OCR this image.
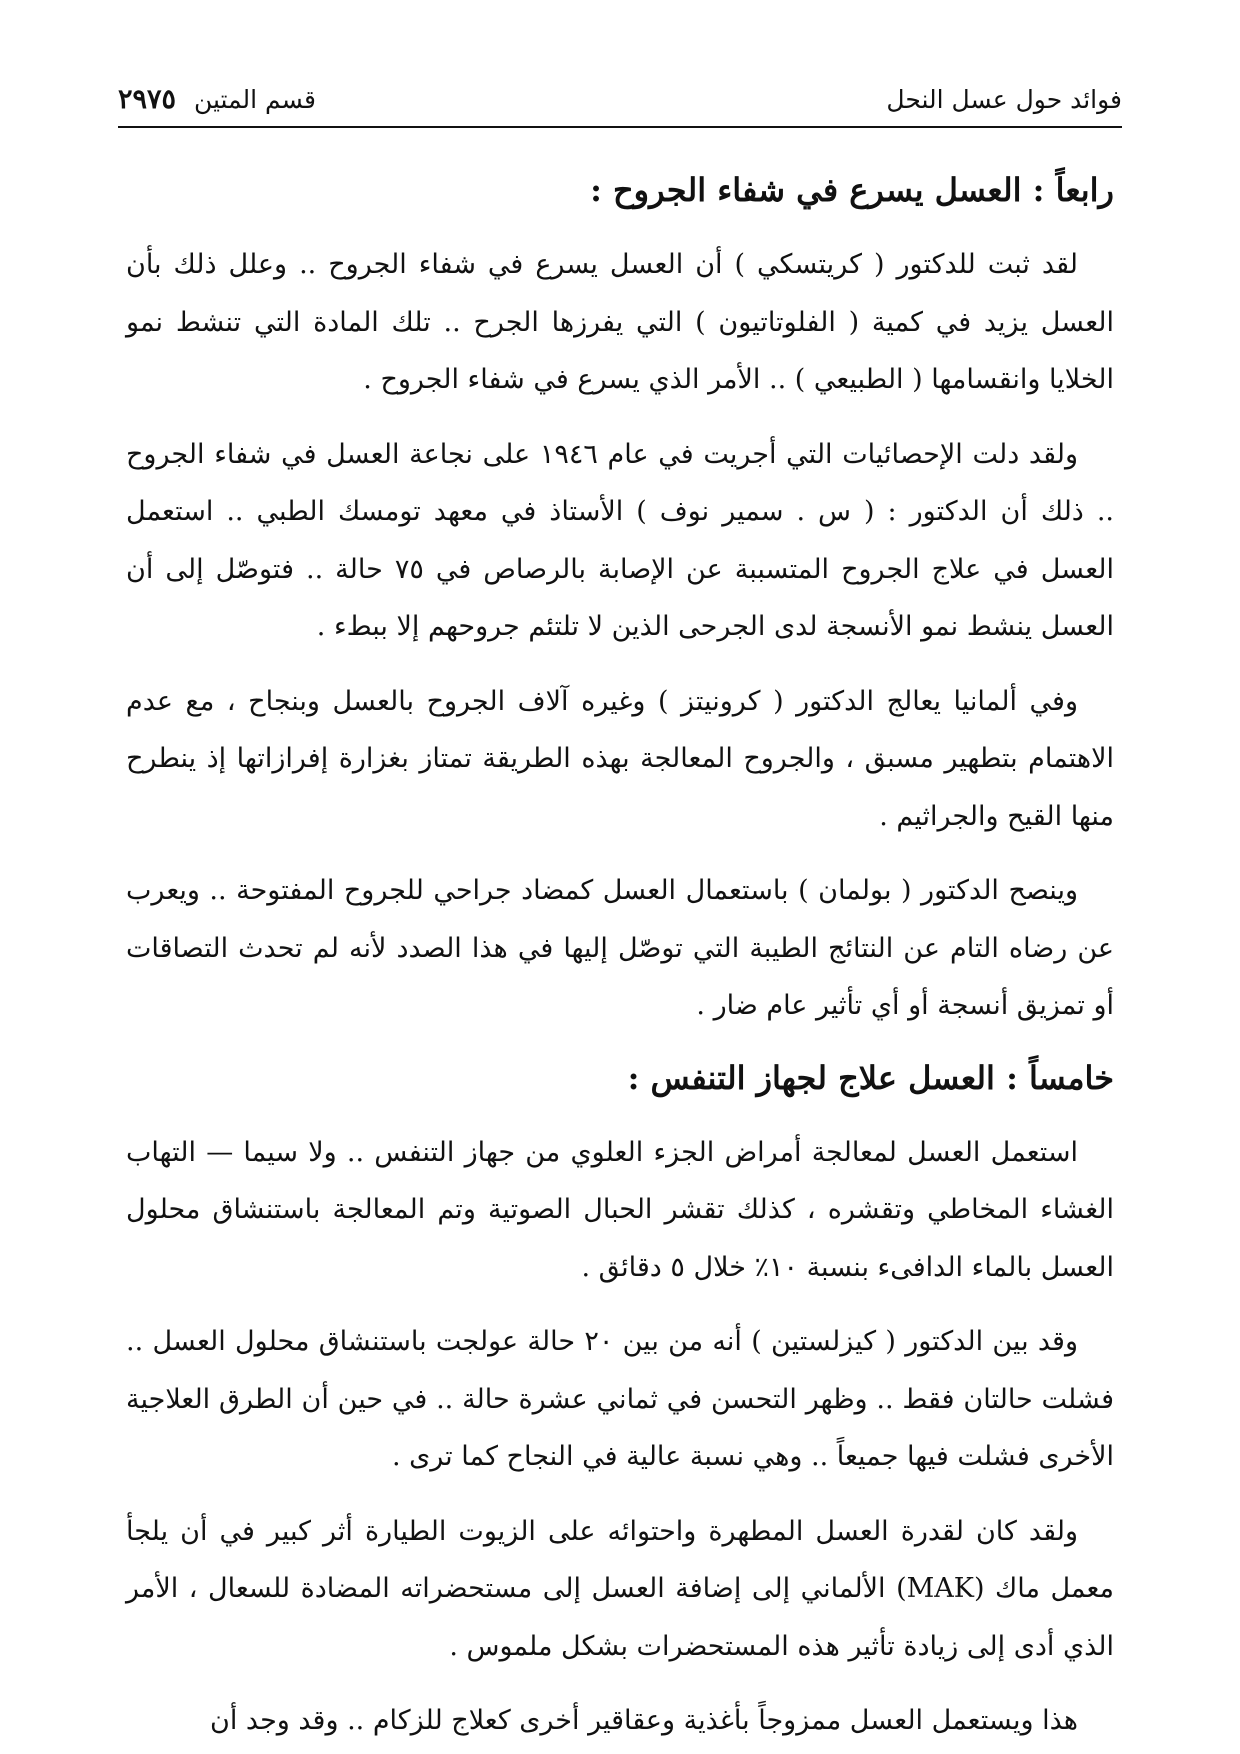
فوائد حول عسل النحل
قسم المتين ٢٩٧٥
رابعاً : العسل يسرع في شفاء الجروح :

لقد ثبت للدكتور ( كريتسكي ) أن العسل يسرع في شفاء الجروح .. وعلل ذلك بأن العسل يزيد في كمية ( الفلوتاتيون ) التي يفرزها الجرح .. تلك المادة التي تنشط نمو الخلايا وانقسامها ( الطبيعي ) .. الأمر الذي يسرع في شفاء الجروح .

ولقد دلت الإحصائيات التي أجريت في عام ١٩٤٦ على نجاعة العسل في شفاء الجروح .. ذلك أن الدكتور : ( س . سمير نوف ) الأستاذ في معهد تومسك الطبي .. استعمل العسل في علاج الجروح المتسببة عن الإصابة بالرصاص في ٧٥ حالة .. فتوصّل إلى أن العسل ينشط نمو الأنسجة لدى الجرحى الذين لا تلتئم جروحهم إلا ببطء .

وفي ألمانيا يعالج الدكتور ( كرونيتز ) وغيره آلاف الجروح بالعسل وبنجاح ، مع عدم الاهتمام بتطهير مسبق ، والجروح المعالجة بهذه الطريقة تمتاز بغزارة إفرازاتها إذ ينطرح منها القيح والجراثيم .

وينصح الدكتور ( بولمان ) باستعمال العسل كمضاد جراحي للجروح المفتوحة .. ويعرب عن رضاه التام عن النتائج الطيبة التي توصّل إليها في هذا الصدد لأنه لم تحدث التصاقات أو تمزيق أنسجة أو أي تأثير عام ضار .

خامساً : العسل علاج لجهاز التنفس :

استعمل العسل لمعالجة أمراض الجزء العلوي من جهاز التنفس .. ولا سيما — التهاب الغشاء المخاطي وتقشره ، كذلك تقشر الحبال الصوتية وتم المعالجة باستنشاق محلول العسل بالماء الدافىء بنسبة ١٠٪ خلال ٥ دقائق .

وقد بين الدكتور ( كيزلستين ) أنه من بين ٢٠ حالة عولجت باستنشاق محلول العسل .. فشلت حالتان فقط .. وظهر التحسن في ثماني عشرة حالة .. في حين أن الطرق العلاجية الأخرى فشلت فيها جميعاً .. وهي نسبة عالية في النجاح كما ترى .

ولقد كان لقدرة العسل المطهرة واحتوائه على الزيوت الطيارة أثر كبير في أن يلجأ معمل ماك (MAK) الألماني إلى إضافة العسل إلى مستحضراته المضادة للسعال ، الأمر الذي أدى إلى زيادة تأثير هذه المستحضرات بشكل ملموس .

هذا ويستعمل العسل ممزوجاً بأغذية وعقاقير أخرى كعلاج للزكام .. وقد وجد أن
